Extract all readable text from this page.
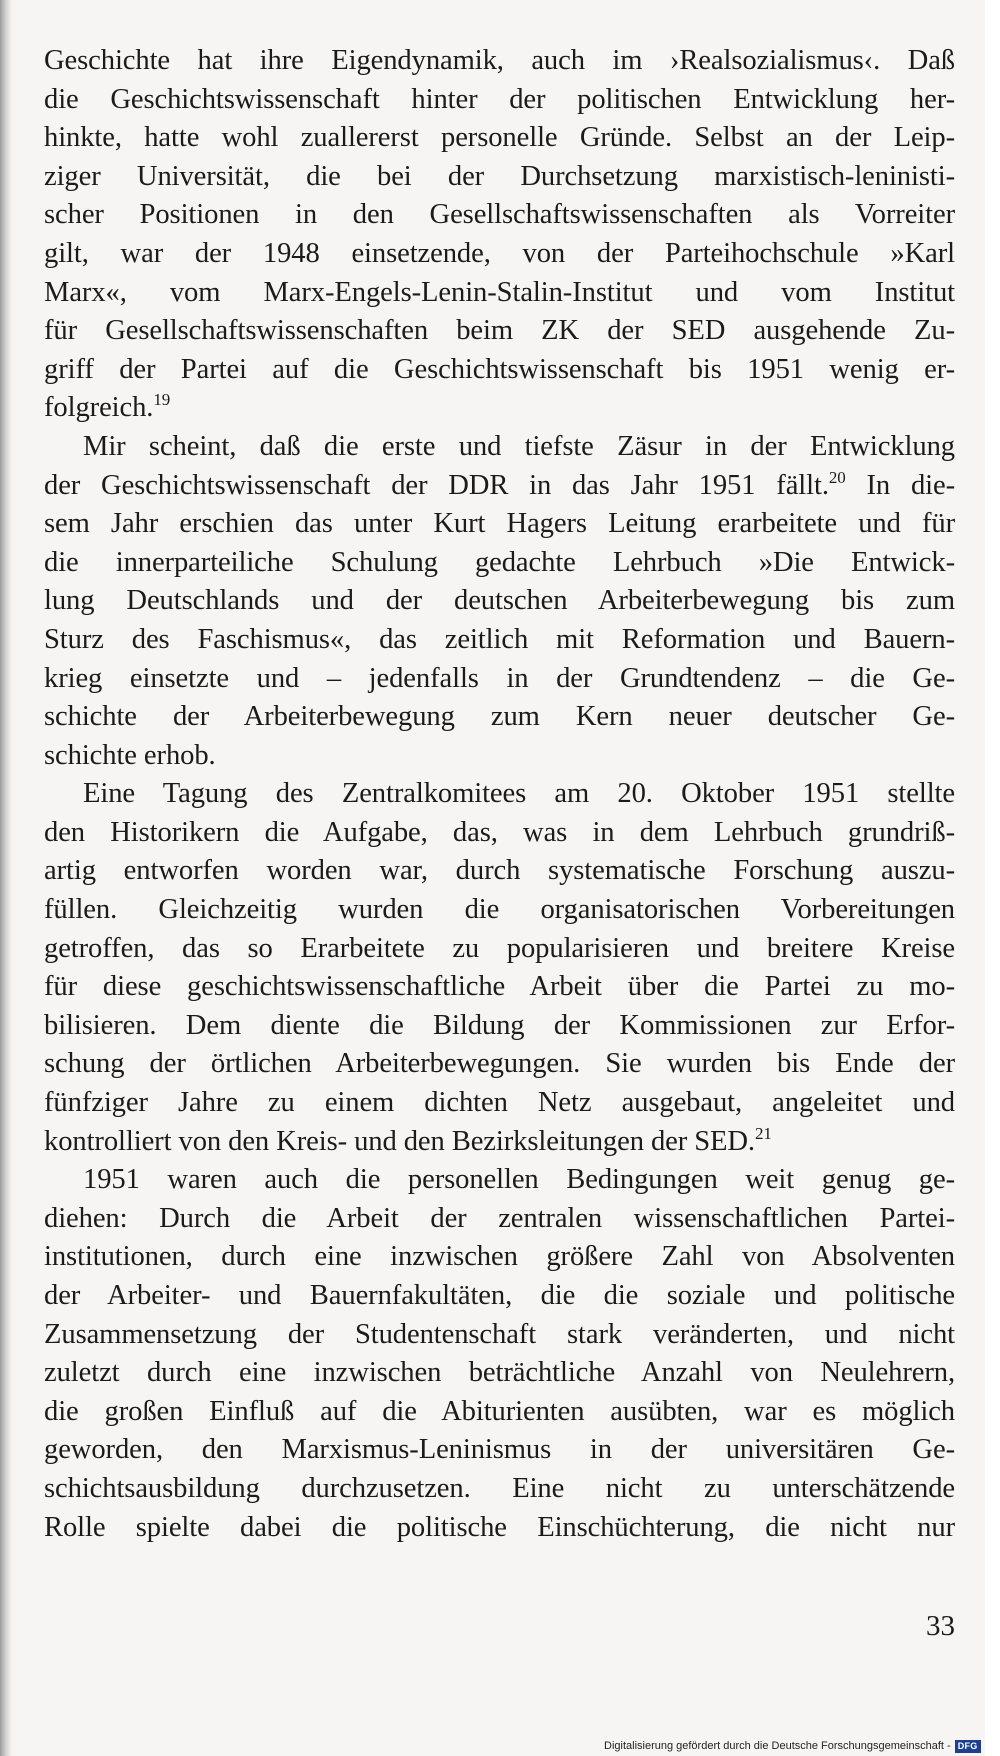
Geschichte hat ihre Eigendynamik, auch im ›Realsozialismus‹. Daß
die Geschichtswissenschaft hinter der politischen Entwicklung her-
hinkte, hatte wohl zuallererst personelle Gründe. Selbst an der Leip-
ziger Universität, die bei der Durchsetzung marxistisch-leninisti-
scher Positionen in den Gesellschaftswissenschaften als Vorreiter
gilt, war der 1948 einsetzende, von der Parteihochschule »Karl
Marx«, vom Marx-Engels-Lenin-Stalin-Institut und vom Institut
für Gesellschaftswissenschaften beim ZK der SED ausgehende Zu-
griff der Partei auf die Geschichtswissenschaft bis 1951 wenig er-
folgreich.$^{19}$

Mir scheint, daß die erste und tiefste Zäsur in der Entwicklung
der Geschichtswissenschaft der DDR in das Jahr 1951 fällt.$^{20}$ In die-
sem Jahr erschien das unter Kurt Hagers Leitung erarbeitete und für
die innerparteiliche Schulung gedachte Lehrbuch »Die Entwick-
lung Deutschlands und der deutschen Arbeiterbewegung bis zum
Sturz des Faschismus«, das zeitlich mit Reformation und Bauern-
krieg einsetzte und – jedenfalls in der Grundtendenz – die Ge-
schichte der Arbeiterbewegung zum Kern neuer deutscher Ge-
schichte erhob.

Eine Tagung des Zentralkomitees am 20. Oktober 1951 stellte
den Historikern die Aufgabe, das, was in dem Lehrbuch grundriß-
artig entworfen worden war, durch systematische Forschung auszu-
füllen. Gleichzeitig wurden die organisatorischen Vorbereitungen
getroffen, das so Erarbeitete zu popularisieren und breitere Kreise
für diese geschichtswissenschaftliche Arbeit über die Partei zu mo-
bilisieren. Dem diente die Bildung der Kommissionen zur Erfor-
schung der örtlichen Arbeiterbewegungen. Sie wurden bis Ende der
fünfziger Jahre zu einem dichten Netz ausgebaut, angeleitet und
kontrolliert von den Kreis- und den Bezirksleitungen der SED.$^{21}$

1951 waren auch die personellen Bedingungen weit genug ge-
diehen: Durch die Arbeit der zentralen wissenschaftlichen Partei-
institutionen, durch eine inzwischen größere Zahl von Absolventen
der Arbeiter- und Bauernfakultäten, die die soziale und politische
Zusammensetzung der Studentenschaft stark veränderten, und nicht
zuletzt durch eine inzwischen beträchtliche Anzahl von Neulehrern,
die großen Einfluß auf die Abiturienten ausübten, war es möglich
geworden, den Marxismus-Leninismus in der universitären Ge-
schichtsausbildung durchzusetzen. Eine nicht zu unterschätzende
Rolle spielte dabei die politische Einschüchterung, die nicht nur

33
Digitalisierung gefördert durch die Deutsche Forschungsgemeinschaft - DFG
